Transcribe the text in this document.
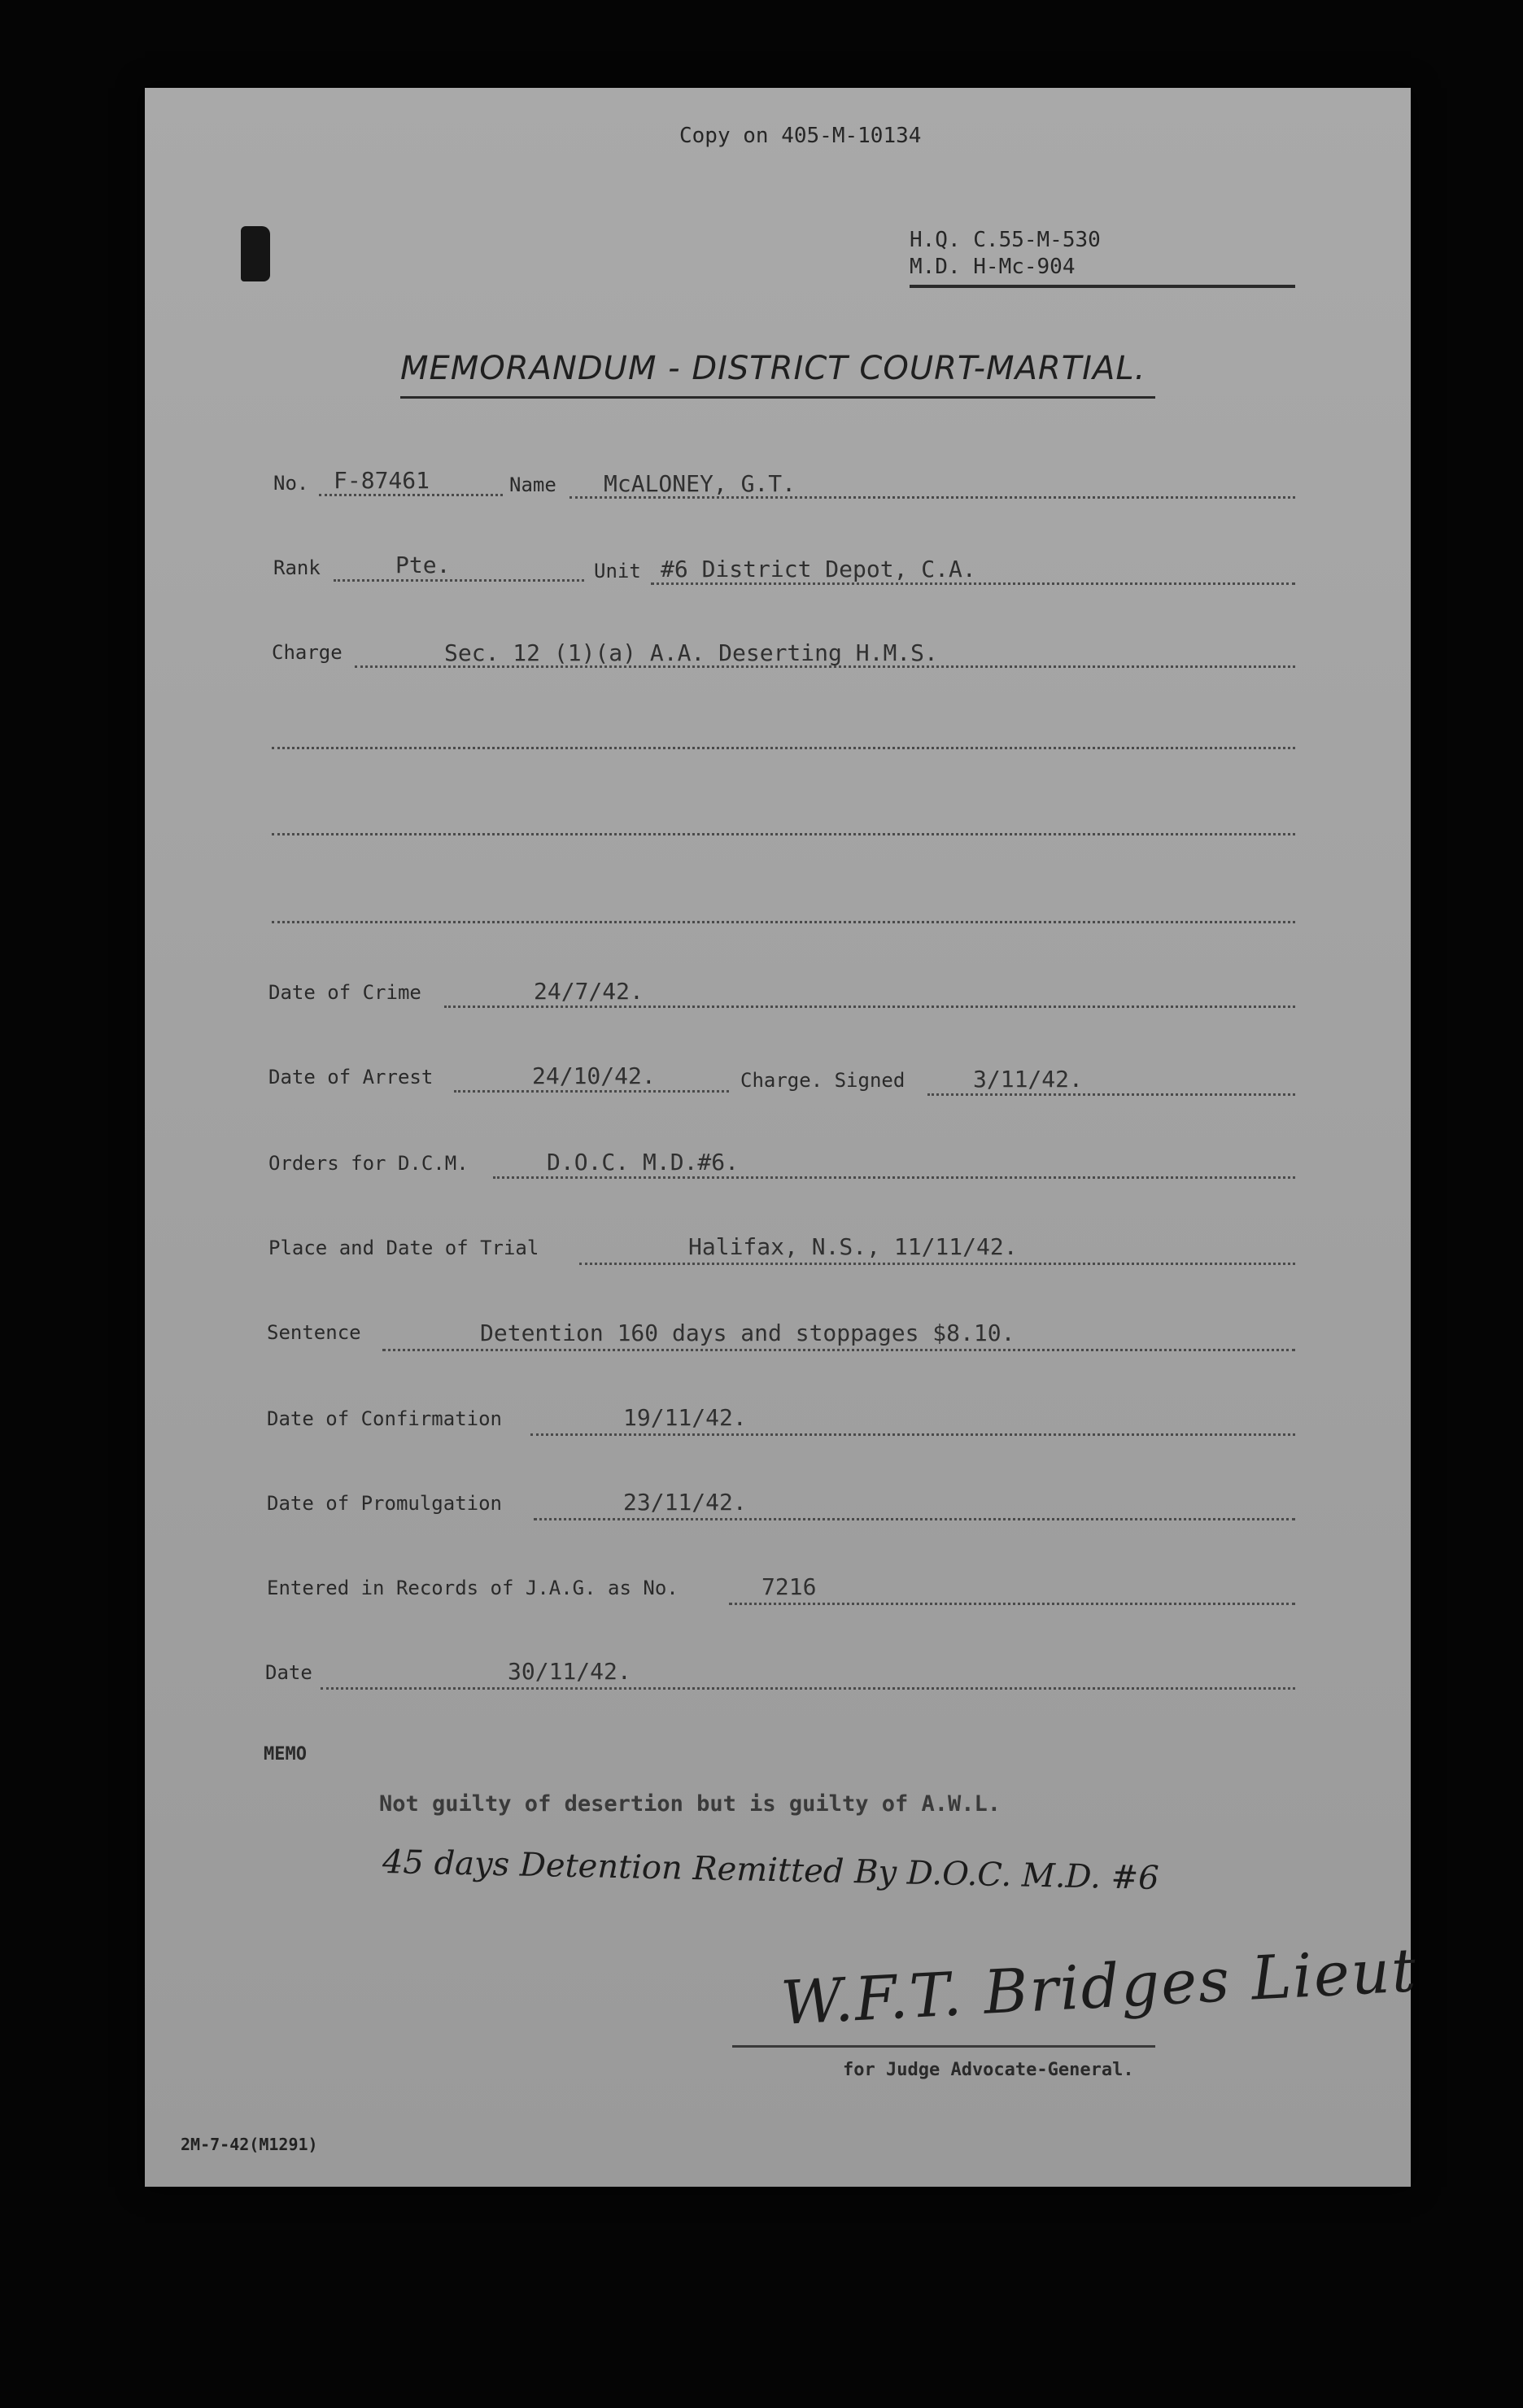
Copy on 405-M-10134
H.Q. C.55-M-530
M.D. H-Mc-904
MEMORANDUM - DISTRICT COURT-MARTIAL.
No. F-87461	Name McALONEY, G.T.
Rank	Pte.	Unit #6 District Depot, C.A.
Charge	Sec. 12 (1)(a) A.A. Deserting H.M.S.
Date of Crime	24/7/42.
Date of Arrest	24/10/42.	Charge. Signed	3/11/42.
Orders for D.C.M.	D.O.C. M.D.#6.
Place and Date of Trial	Halifax, N.S., 11/11/42.
Sentence	Detention 160 days and stoppages $8.10.
Date of Confirmation	19/11/42.
Date of Promulgation	23/11/42.
Entered in Records of J.A.G. as No.	7216
Date	30/11/42.
MEMO
Not guilty of desertion but is guilty of A.W.L.
45 days Detention Remitted By D.O.C. M.D. #6
W.F.T. Bridges Lieut
for Judge Advocate-General.
2M-7-42(M1291)
